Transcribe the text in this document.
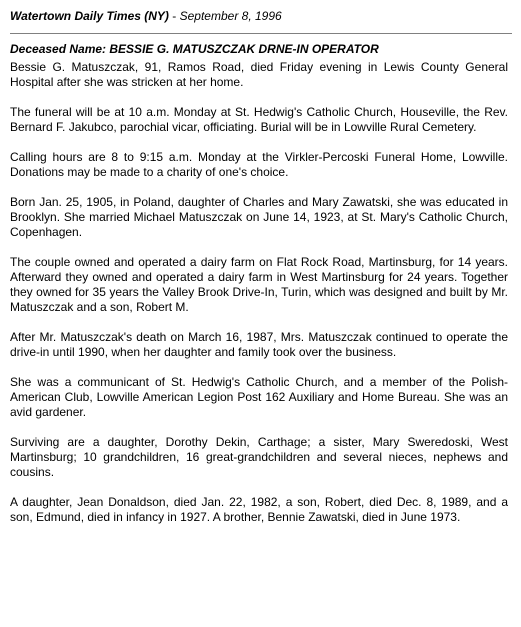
Watertown Daily Times (NY) - September 8, 1996
Deceased Name: BESSIE G. MATUSZCZAK DRNE-IN OPERATOR

Bessie G. Matuszczak, 91, Ramos Road, died Friday evening in Lewis County General Hospital after she was stricken at her home.

The funeral will be at 10 a.m. Monday at St. Hedwig's Catholic Church, Houseville, the Rev. Bernard F. Jakubco, parochial vicar, officiating. Burial will be in Lowville Rural Cemetery.

Calling hours are 8 to 9:15 a.m. Monday at the Virkler-Percoski Funeral Home, Lowville. Donations may be made to a charity of one's choice.

Born Jan. 25, 1905, in Poland, daughter of Charles and Mary Zawatski, she was educated in Brooklyn. She married Michael Matuszczak on June 14, 1923, at St. Mary's Catholic Church, Copenhagen.

The couple owned and operated a dairy farm on Flat Rock Road, Martinsburg, for 14 years. Afterward they owned and operated a dairy farm in West Martinsburg for 24 years. Together they owned for 35 years the Valley Brook Drive-In, Turin, which was designed and built by Mr. Matuszczak and a son, Robert M.

After Mr. Matuszczak's death on March 16, 1987, Mrs. Matuszczak continued to operate the drive-in until 1990, when her daughter and family took over the business.

She was a communicant of St. Hedwig's Catholic Church, and a member of the Polish-American Club, Lowville American Legion Post 162 Auxiliary and Home Bureau. She was an avid gardener.

Surviving are a daughter, Dorothy Dekin, Carthage; a sister, Mary Sweredoski, West Martinsburg; 10 grandchildren, 16 great-grandchildren and several nieces, nephews and cousins.

A daughter, Jean Donaldson, died Jan. 22, 1982, a son, Robert, died Dec. 8, 1989, and a son, Edmund, died in infancy in 1927. A brother, Bennie Zawatski, died in June 1973.
